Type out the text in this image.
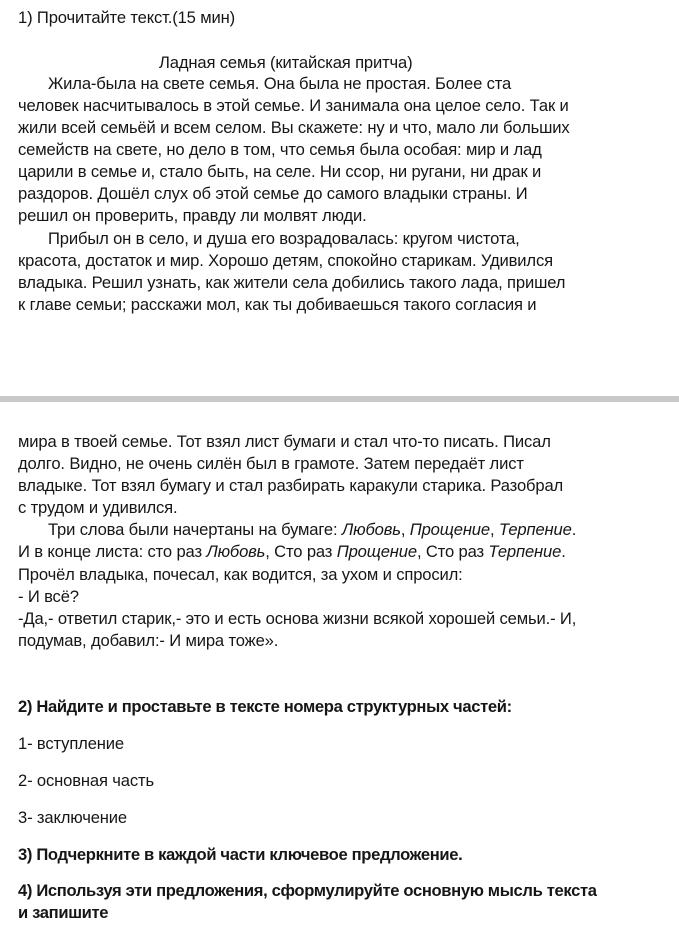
1) Прочитайте текст.(15 мин)
Ладная семья (китайская притча)
Жила-была на свете семья. Она была не простая. Более ста
человек насчитывалось в этой семье. И занимала она целое село. Так и
жили всей семьёй и всем селом. Вы скажете: ну и что, мало ли больших
семейств на свете, но дело в том, что семья была особая: мир и лад
царили в семье и, стало быть, на селе. Ни ссор, ни ругани, ни драк и
раздоров. Дошёл слух об этой семье до самого владыки страны. И
решил он проверить, правду ли молвят люди.
Прибыл он в село, и душа его возрадовалась: кругом чистота,
красота, достаток и мир. Хорошо детям, спокойно старикам. Удивился
владыка. Решил узнать, как жители села добились такого лада, пришел
к главе семьи; расскажи мол, как ты добиваешься такого согласия и
мира в твоей семье. Тот взял лист бумаги и стал что-то писать. Писал
долго. Видно, не очень силён был в грамоте. Затем передаёт лист
владыке. Тот взял бумагу и стал разбирать каракули старика. Разобрал
с трудом и удивился.
Три слова были начертаны на бумаге: Любовь, Прощение, Терпение.
И в конце листа: сто раз Любовь, Сто раз Прощение, Сто раз Терпение.
Прочёл владыка, почесал, как водится, за ухом и спросил:
- И всё?
-Да,- ответил старик,- это и есть основа жизни всякой хорошей семьи.- И,
подумав, добавил:- И мира тоже».
2) Найдите и проставьте в тексте номера структурных частей:
1- вступление
2- основная часть
3- заключение
3) Подчеркните в каждой части ключевое предложение.
4) Используя эти предложения, сформулируйте основную мысль текста
и запишите
